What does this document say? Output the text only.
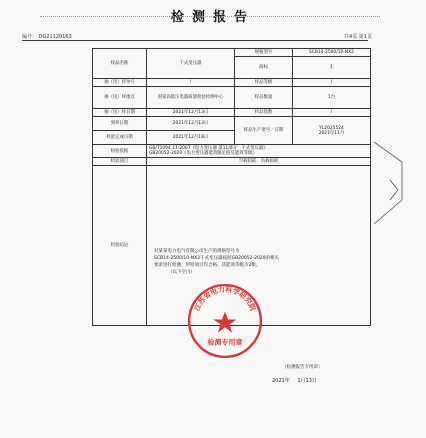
检测报告
编号： DG21120163	共4页 第1页
样品名称	干式变压器	规格型号	SCB14-2500/10-NX2
		商标	无
抽（送）样单号	/	样品等级	/
抽（送）样地点	国家高低压电器质量检验检测中心	样品数量	1台
抽（送）样日期	2021年12月13日	样品基数	/
到样日期	2021年12月13日	样品生产批号／日期	YL2025524
2021年11月

检验完成日期	2021年12月18日		
检验依据	GB/T1094.11-2007《电力变压器 第11部分：干式变压器》
GB20052-2020《电力变压器能效限定值及能效等级》		

检验项目	空载损耗、负载损耗		
检验结论			
对某某电力电气有限公司生产的规格型号为
SCB14-2500/10-NX2干式变压器按照GB20052-2020的相关
要求进行检测，所检项目均合格，其能效等级为2级。
（以下空白）
江苏省电力科学研究院
检测专用章
（检测报告专用章）
2021年 1月13日
